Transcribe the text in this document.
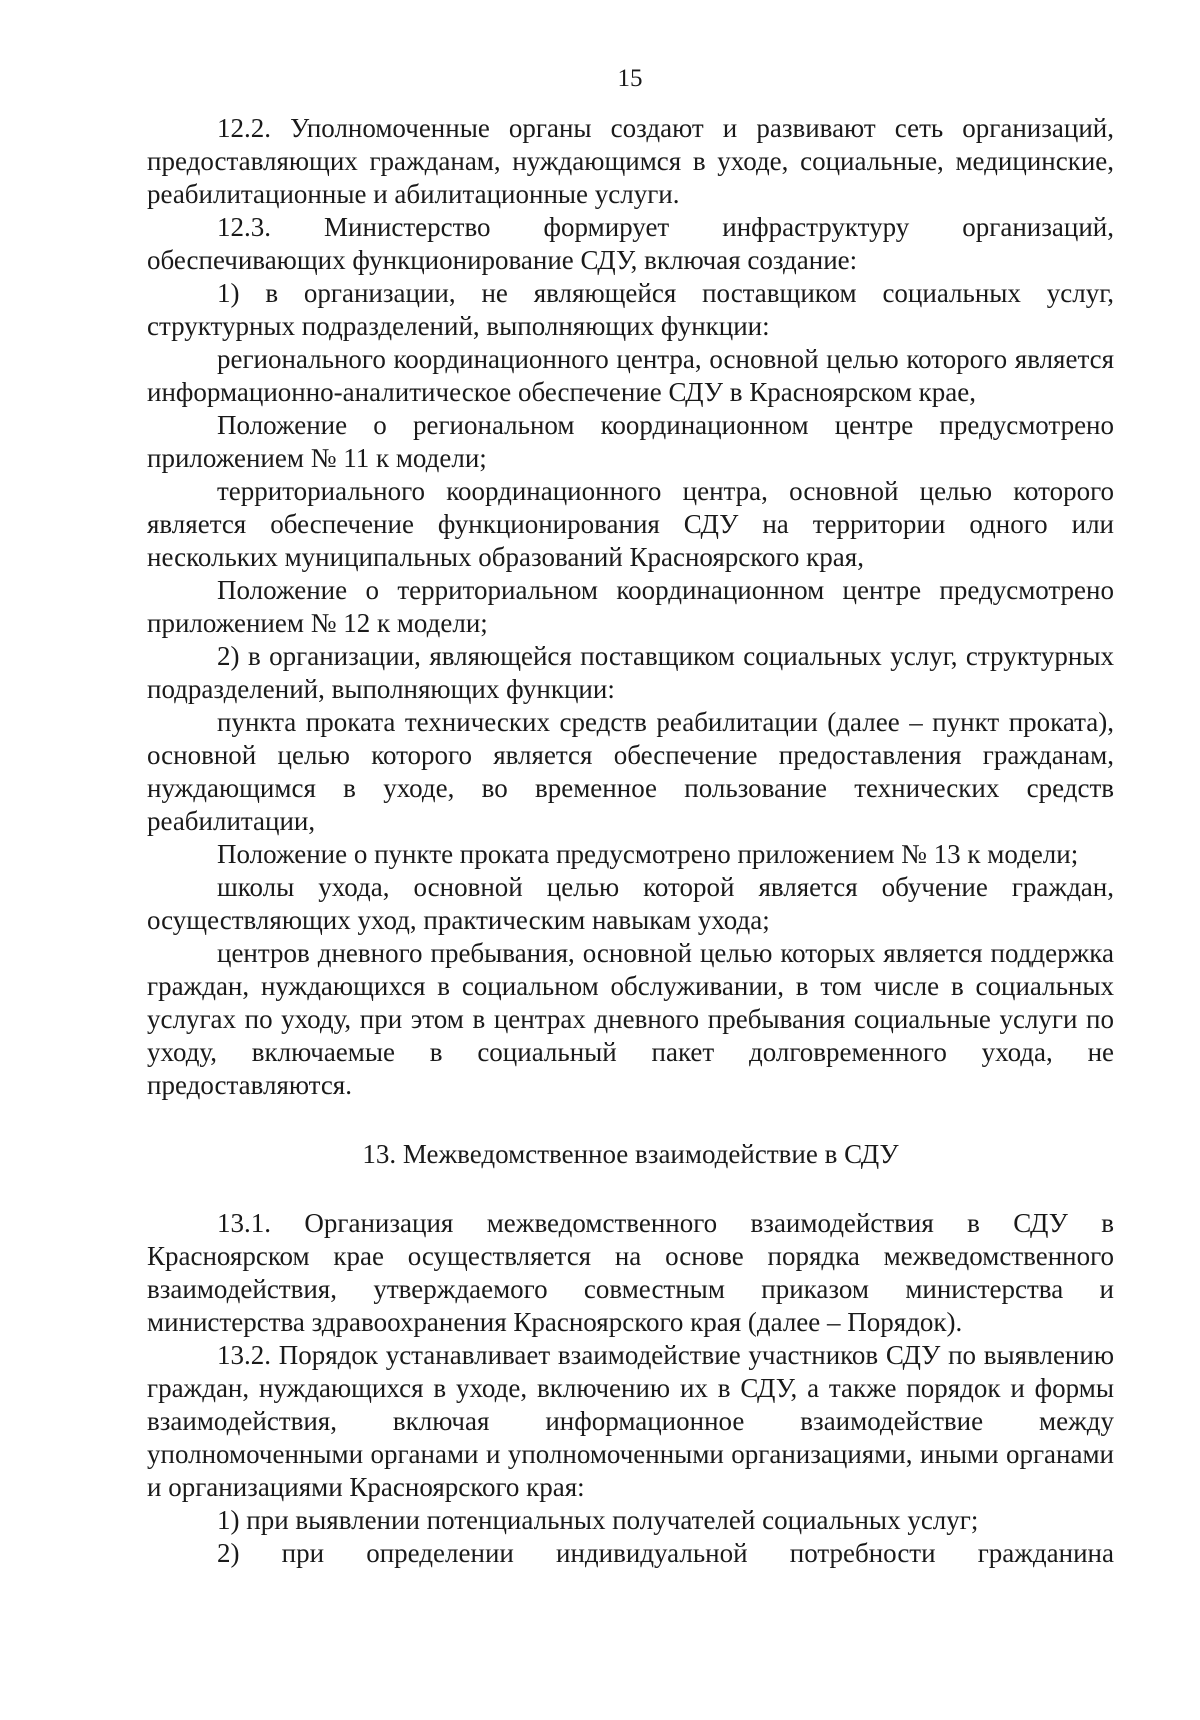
15

12.2. Уполномоченные органы создают и развивают сеть организаций, предоставляющих гражданам, нуждающимся в уходе, социальные, медицинские, реабилитационные и абилитационные услуги.

12.3. Министерство формирует инфраструктуру организаций, обеспечивающих функционирование СДУ, включая создание:

1) в организации, не являющейся поставщиком социальных услуг, структурных подразделений, выполняющих функции:

регионального координационного центра, основной целью которого является информационно-аналитическое обеспечение СДУ в Красноярском крае,

Положение о региональном координационном центре предусмотрено приложением № 11 к модели;

территориального координационного центра, основной целью которого является обеспечение функционирования СДУ на территории одного или нескольких муниципальных образований Красноярского края,

Положение о территориальном координационном центре предусмотрено приложением № 12 к модели;

2) в организации, являющейся поставщиком социальных услуг, структурных подразделений, выполняющих функции:

пункта проката технических средств реабилитации (далее – пункт проката), основной целью которого является обеспечение предоставления гражданам, нуждающимся в уходе, во временное пользование технических средств реабилитации,

Положение о пункте проката предусмотрено приложением № 13 к модели;

школы ухода, основной целью которой является обучение граждан, осуществляющих уход, практическим навыкам ухода;

центров дневного пребывания, основной целью которых является поддержка граждан, нуждающихся в социальном обслуживании, в том числе в социальных услугах по уходу, при этом в центрах дневного пребывания социальные услуги по уходу, включаемые в социальный пакет долговременного ухода, не предоставляются.

13. Межведомственное взаимодействие в СДУ

13.1. Организация межведомственного взаимодействия в СДУ в Красноярском крае осуществляется на основе порядка межведомственного взаимодействия, утверждаемого совместным приказом министерства и министерства здравоохранения Красноярского края (далее – Порядок).

13.2. Порядок устанавливает взаимодействие участников СДУ по выявлению граждан, нуждающихся в уходе, включению их в СДУ, а также порядок и формы взаимодействия, включая информационное взаимодействие между уполномоченными органами и уполномоченными организациями, иными органами и организациями Красноярского края:

1) при выявлении потенциальных получателей социальных услуг;

2) при определении индивидуальной потребности гражданина
